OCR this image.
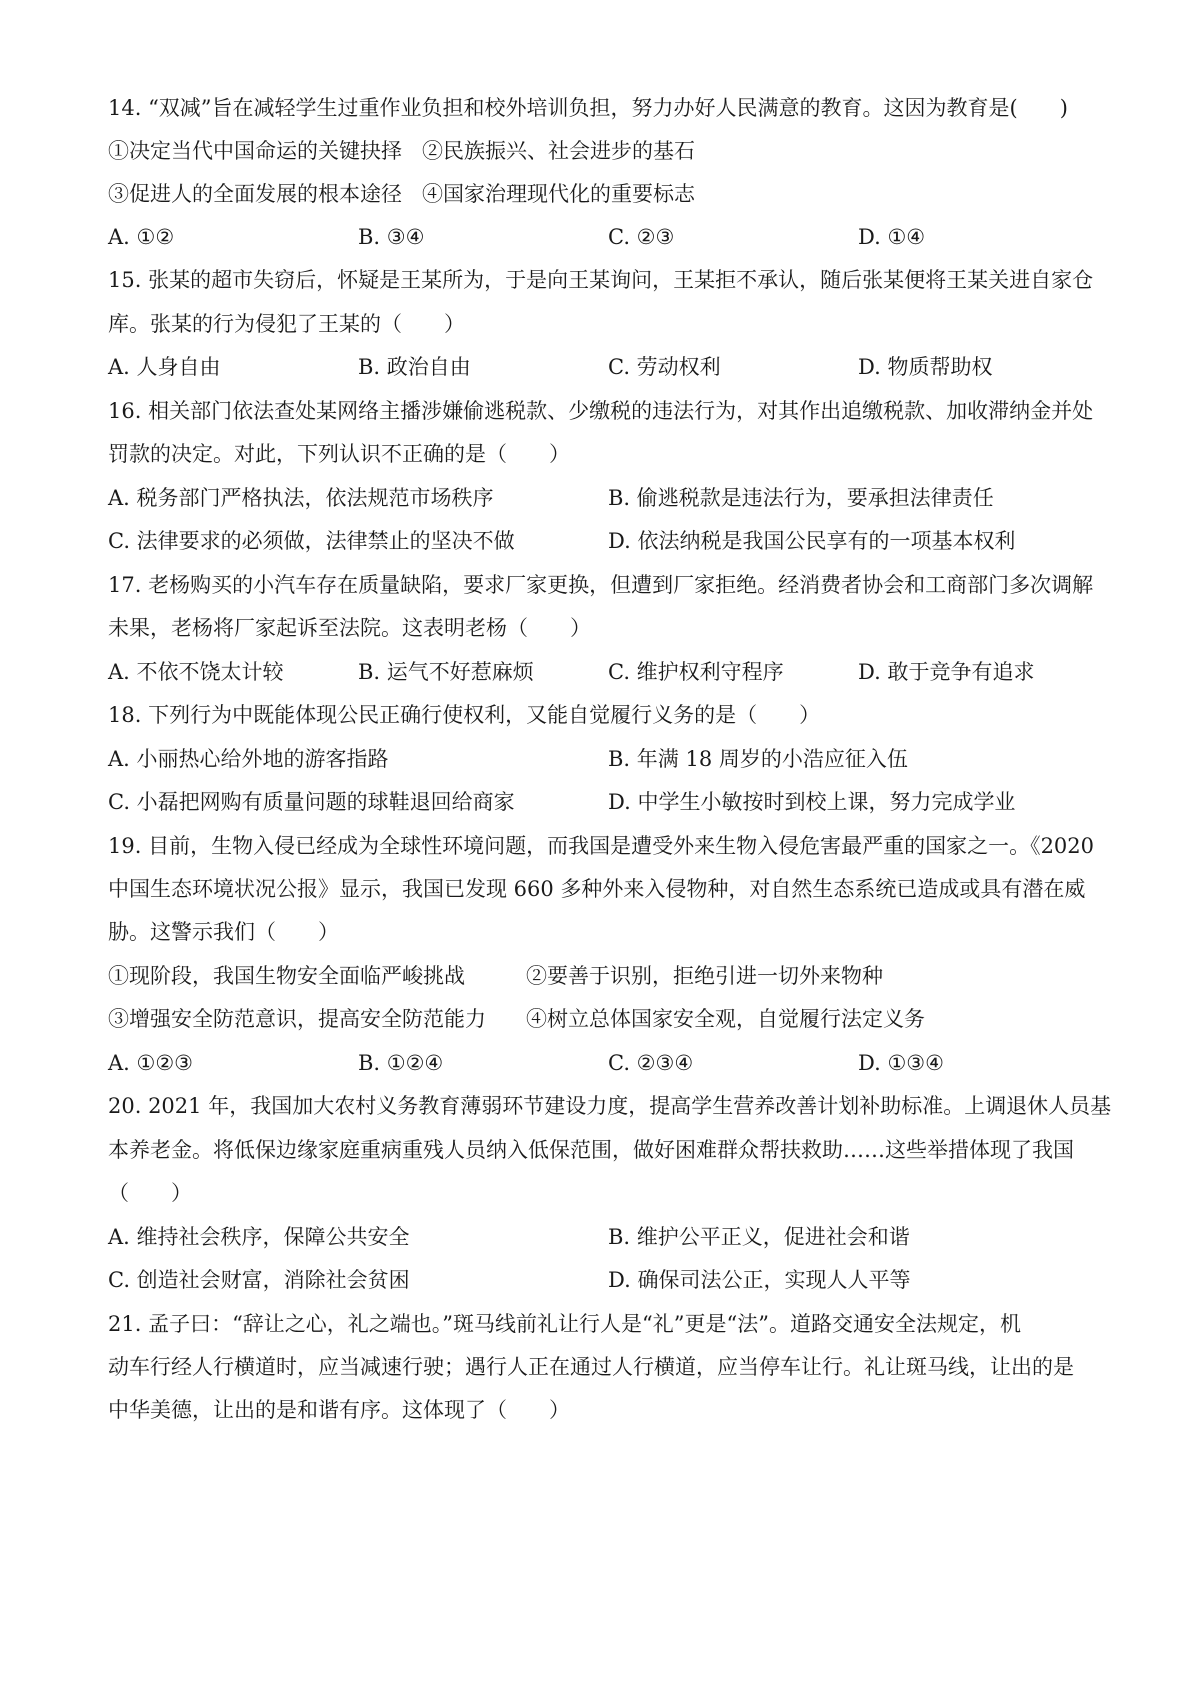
14. “双减”旨在减轻学生过重作业负担和校外培训负担，努力办好人民满意的教育。这因为教育是(　　)
①决定当代中国命运的关键抉择 ②民族振兴、社会进步的基石
③促进人的全面发展的根本途径 ④国家治理现代化的重要标志
A. ①②	B. ③④	C. ②③	D. ①④
15. 张某的超市失窃后，怀疑是王某所为，于是向王某询问，王某拒不承认，随后张某便将王某关进自家仓
库。张某的行为侵犯了王某的（　　）
A. 人身自由	B. 政治自由	C. 劳动权利	D. 物质帮助权
16. 相关部门依法查处某网络主播涉嫌偷逃税款、少缴税的违法行为，对其作出追缴税款、加收滞纳金并处
罚款的决定。对此，下列认识不正确的是（　　）
A. 税务部门严格执法，依法规范市场秩序	B. 偷逃税款是违法行为，要承担法律责任
C. 法律要求的必须做，法律禁止的坚决不做	D. 依法纳税是我国公民享有的一项基本权利
17. 老杨购买的小汽车存在质量缺陷，要求厂家更换，但遭到厂家拒绝。经消费者协会和工商部门多次调解
未果，老杨将厂家起诉至法院。这表明老杨（　　）
A. 不依不饶太计较	B. 运气不好惹麻烦	C. 维护权利守程序	D. 敢于竞争有追求
18. 下列行为中既能体现公民正确行使权利，又能自觉履行义务的是（　　）
A. 小丽热心给外地的游客指路	B. 年满 18 周岁的小浩应征入伍
C. 小磊把网购有质量问题的球鞋退回给商家	D. 中学生小敏按时到校上课，努力完成学业
19. 目前，生物入侵已经成为全球性环境问题，而我国是遭受外来生物入侵危害最严重的国家之一。《2020
中国生态环境状况公报》显示，我国已发现 660 多种外来入侵物种，对自然生态系统已造成或具有潜在威
胁。这警示我们（　　）
①现阶段，我国生物安全面临严峻挑战	②要善于识别，拒绝引进一切外来物种
③增强安全防范意识，提高安全防范能力 ④树立总体国家安全观，自觉履行法定义务
A. ①②③	B. ①②④	C. ②③④	D. ①③④
20. 2021 年，我国加大农村义务教育薄弱环节建设力度，提高学生营养改善计划补助标准。上调退休人员基
本养老金。将低保边缘家庭重病重残人员纳入低保范围，做好困难群众帮扶救助……这些举措体现了我国
（　　）
A. 维持社会秩序，保障公共安全	B. 维护公平正义，促进社会和谐
C. 创造社会财富，消除社会贫困	D. 确保司法公正，实现人人平等
21. 孟子曰：“辞让之心，礼之端也。”斑马线前礼让行人是“礼”更是“法”。道路交通安全法规定，机
动车行经人行横道时，应当减速行驶；遇行人正在通过人行横道，应当停车让行。礼让斑马线，让出的是
中华美德，让出的是和谐有序。这体现了（　　）
